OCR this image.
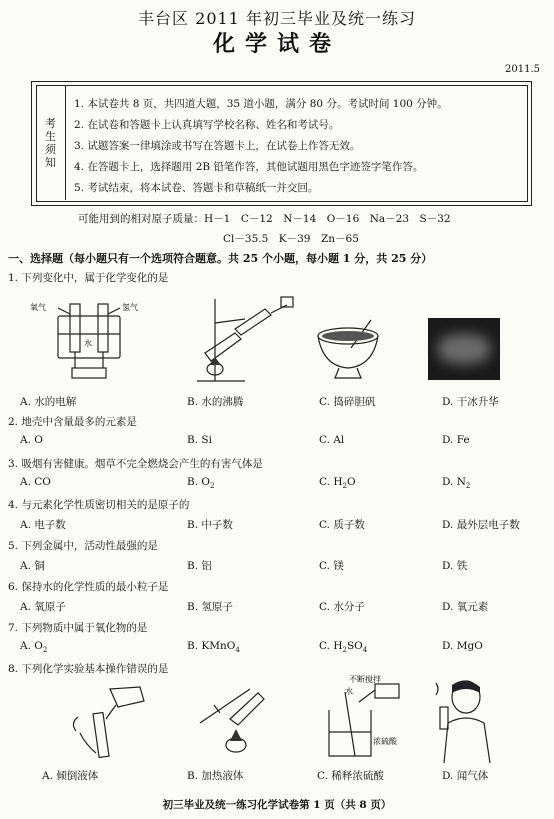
丰台区 2011 年初三毕业及统一练习
化学试卷
2011.5
考
生
须
知
1. 本试卷共 8 页，共四道大题，35 道小题，满分 80 分。考试时间 100 分钟。
2. 在试卷和答题卡上认真填写学校名称、姓名和考试号。
3. 试题答案一律填涂或书写在答题卡上，在试卷上作答无效。
4. 在答题卡上，选择题用 2B 铅笔作答，其他试题用黑色字迹签字笔作答。
5. 考试结束，将本试卷、答题卡和草稿纸一并交回。
可能用到的相对原子质量：H－1　C－12　N－14　O－16　Na－23　S－32
Cl－35.5　K－39　Zn－65
一、选择题（每小题只有一个选项符合题意。共 25 个小题，每小题 1 分，共 25 分）
1. 下列变化中，属于化学变化的是
氧气	氢气
水
A. 水的电解	B. 水的沸腾	C. 捣碎胆矾	D. 干冰升华
2. 地壳中含量最多的元素是
A. O	B. Si	C. Al	D. Fe
3. 吸烟有害健康。烟草不完全燃烧会产生的有害气体是
A. CO	B. $O_2$	C. $H_2O$	D. $N_2$
4. 与元素化学性质密切相关的是原子的
A. 电子数	B. 中子数	C. 质子数	D. 最外层电子数
5. 下列金属中，活动性最强的是
A. 铜	B. 铝	C. 镁	D. 铁
6. 保持水的化学性质的最小粒子是
A. 氧原子	B. 氢原子	C. 水分子	D. 氧元素
7. 下列物质中属于氧化物的是
A. $O_2$	B. KMnO$_4$	C. $H_2SO_4$	D. MgO
8. 下列化学实验基本操作错误的是
不断搅拌
水
浓硫酸
A. 倾倒液体	B. 加热液体	C. 稀释浓硫酸	D. 闻气体
初三毕业及统一练习化学试卷第 1 页（共 8 页）
